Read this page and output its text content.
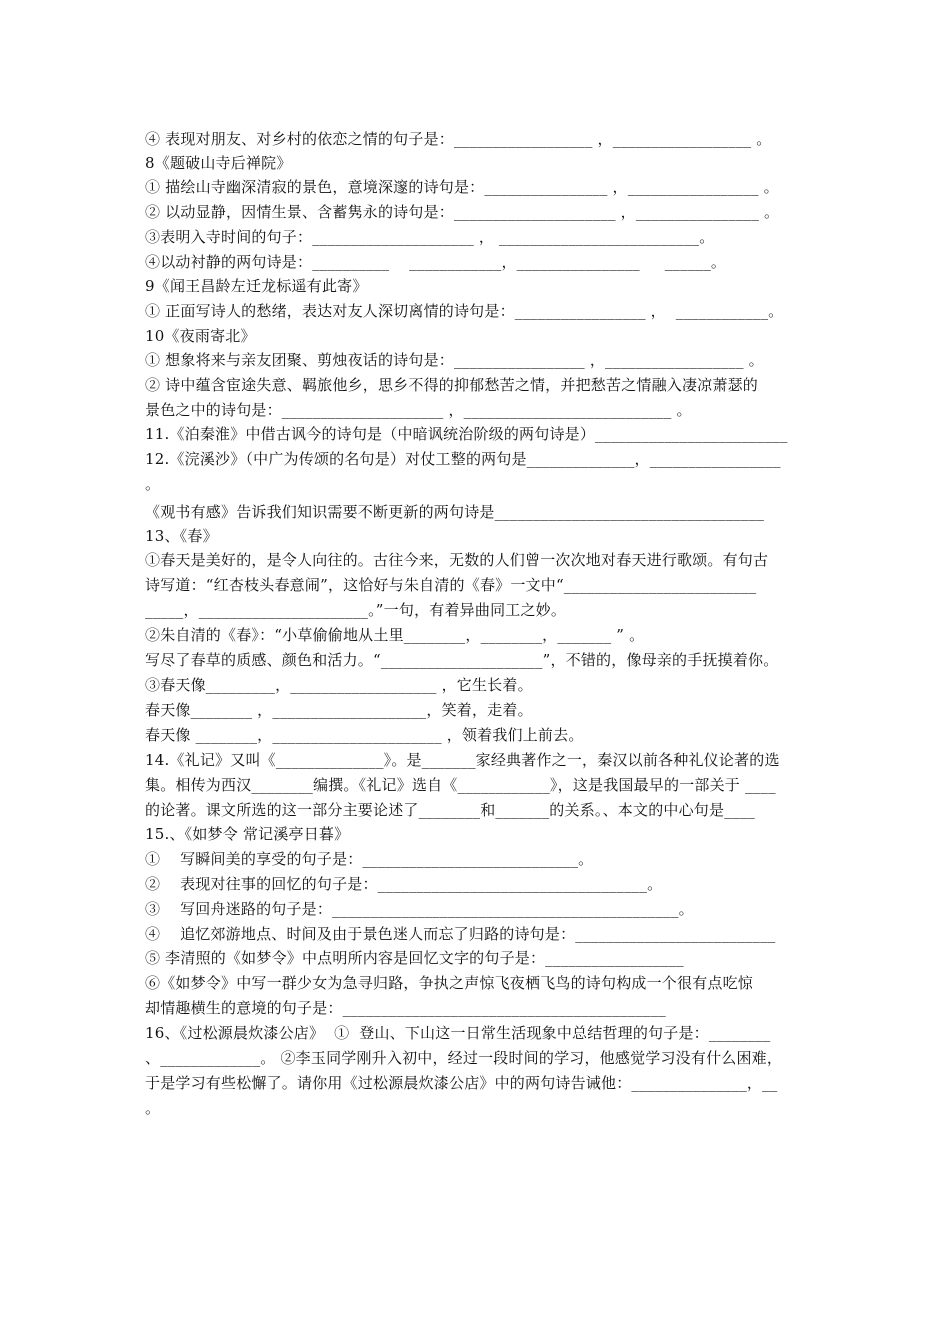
④ 表现对朋友、对乡村的依恋之情的句子是：__________________ ，__________________ 。
8《题破山寺后禅院》
① 描绘山寺幽深清寂的景色，意境深邃的诗句是：________________ ，_________________ 。
② 以动显静，因情生景、含蓄隽永的诗句是：_____________________ ，________________ 。
③表明入寺时间的句子：_____________________ ， __________________________。
④以动衬静的两句诗是：__________    ____________，________________     ______。
9《闻王昌龄左迁龙标遥有此寄》
① 正面写诗人的愁绪，表达对友人深切离情的诗句是：_________________ ，  ____________。
10《夜雨寄北》
① 想象将来与亲友团聚、剪烛夜话的诗句是：_________________ ，__________________ 。
② 诗中蕴含宦途失意、羁旅他乡，思乡不得的抑郁愁苦之情，并把愁苦之情融入凄凉萧瑟的
景色之中的诗句是：_____________________ ，___________________________ 。
11.《泊秦淮》中借古讽今的诗句是（中暗讽统治阶级的两句诗是）_________________________
12.《浣溪沙》（中广为传颂的名句是）对仗工整的两句是______________，_________________
。
《观书有感》告诉我们知识需要不断更新的两句诗是___________________________________
13、《春》
①春天是美好的，是令人向往的。古往今来，无数的人们曾一次次地对春天进行歌颂。有句古
诗写道：“红杏枝头春意闹”，这恰好与朱自清的《春》一文中“_________________________
_____，______________________。”一句，有着异曲同工之妙。
②朱自清的《春》：“小草偷偷地从土里________，________，_______ ” 。
写尽了春草的质感、颜色和活力。“_____________________”，不错的，像母亲的手抚摸着你。
③春天像_________，___________________ ，它生长着。
春天像________ ，____________________，笑着，走着。
春天像 ________，______________________ ，领着我们上前去。
14.《礼记》又叫《______________》。是_______家经典著作之一，秦汉以前各种礼仪论著的选
集。相传为西汉________编撰。《礼记》选自《____________》，这是我国最早的一部关于 ____
的论著。课文所选的这一部分主要论述了________和_______的关系。、本文的中心句是____
15.、《如梦令 常记溪亭日暮》
①    写瞬间美的享受的句子是：____________________________。
②    表现对往事的回忆的句子是：___________________________________。
③    写回舟迷路的句子是：_____________________________________________。
④    追忆郊游地点、时间及由于景色迷人而忘了归路的诗句是：__________________________
⑤ 李清照的《如梦令》中点明所内容是回忆文字的句子是：__________________
⑥《如梦令》中写一群少女为急寻归路，争执之声惊飞夜栖飞鸟的诗句构成一个很有点吃惊
却情趣横生的意境的句子是：__________________________________________
16、《过松源晨炊漆公店》  ①  登山、下山这一日常生活现象中总结哲理的句子是：________
、_____________。 ②李玉同学刚升入初中，经过一段时间的学习，他感觉学习没有什么困难，
于是学习有些松懈了。请你用《过松源晨炊漆公店》中的两句诗告诫他：_______________，__
。
